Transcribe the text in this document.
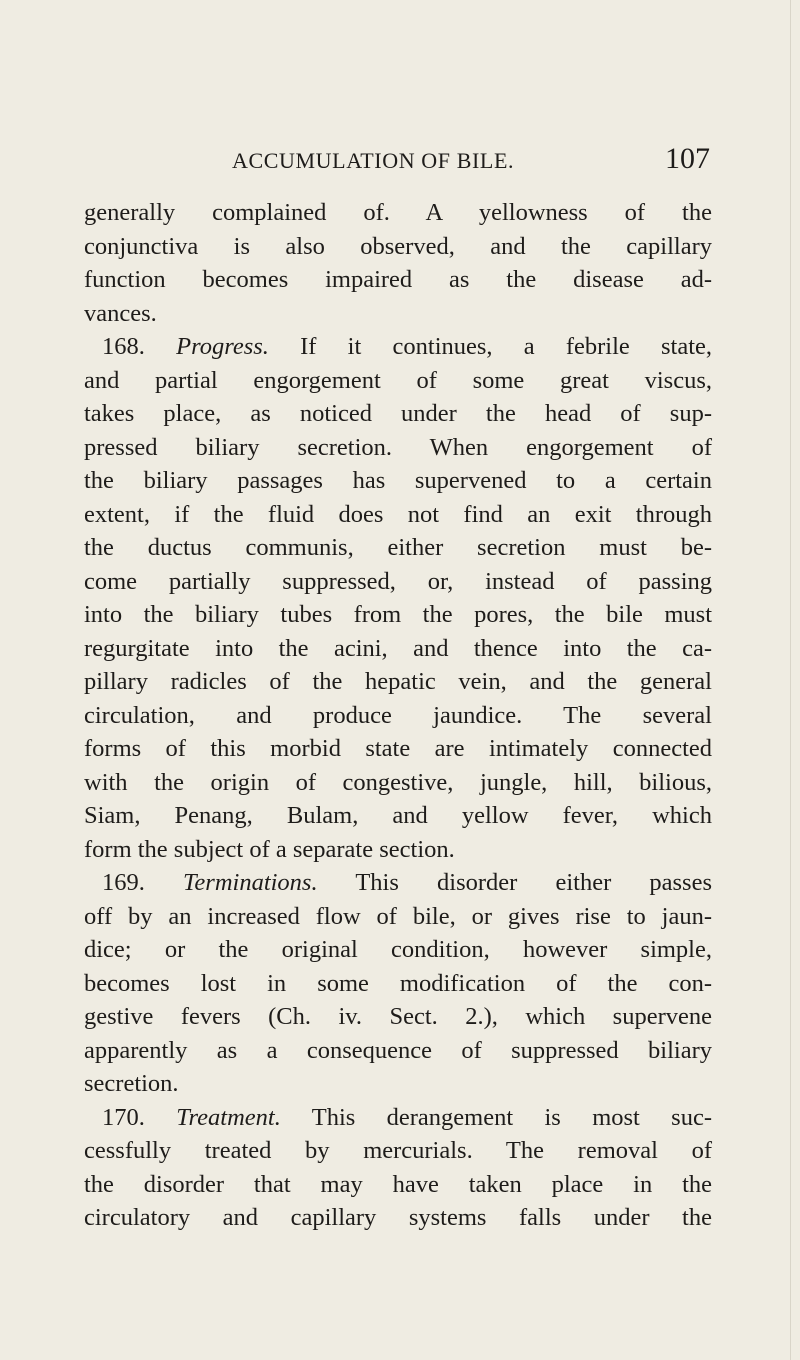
ACCUMULATION OF BILE.	107
generally complained of. A yellowness of the
conjunctiva is also observed, and the capillary
function becomes impaired as the disease ad-
vances.
168. Progress. If it continues, a febrile state,
and partial engorgement of some great viscus,
takes place, as noticed under the head of sup-
pressed biliary secretion. When engorgement of
the biliary passages has supervened to a certain
extent, if the fluid does not find an exit through
the ductus communis, either secretion must be-
come partially suppressed, or, instead of passing
into the biliary tubes from the pores, the bile must
regurgitate into the acini, and thence into the ca-
pillary radicles of the hepatic vein, and the general
circulation, and produce jaundice. The several
forms of this morbid state are intimately connected
with the origin of congestive, jungle, hill, bilious,
Siam, Penang, Bulam, and yellow fever, which
form the subject of a separate section.
169. Terminations. This disorder either passes
off by an increased flow of bile, or gives rise to jaun-
dice; or the original condition, however simple,
becomes lost in some modification of the con-
gestive fevers (Ch. iv. Sect. 2.), which supervene
apparently as a consequence of suppressed biliary
secretion.
170. Treatment. This derangement is most suc-
cessfully treated by mercurials. The removal of
the disorder that may have taken place in the
circulatory and capillary systems falls under the
